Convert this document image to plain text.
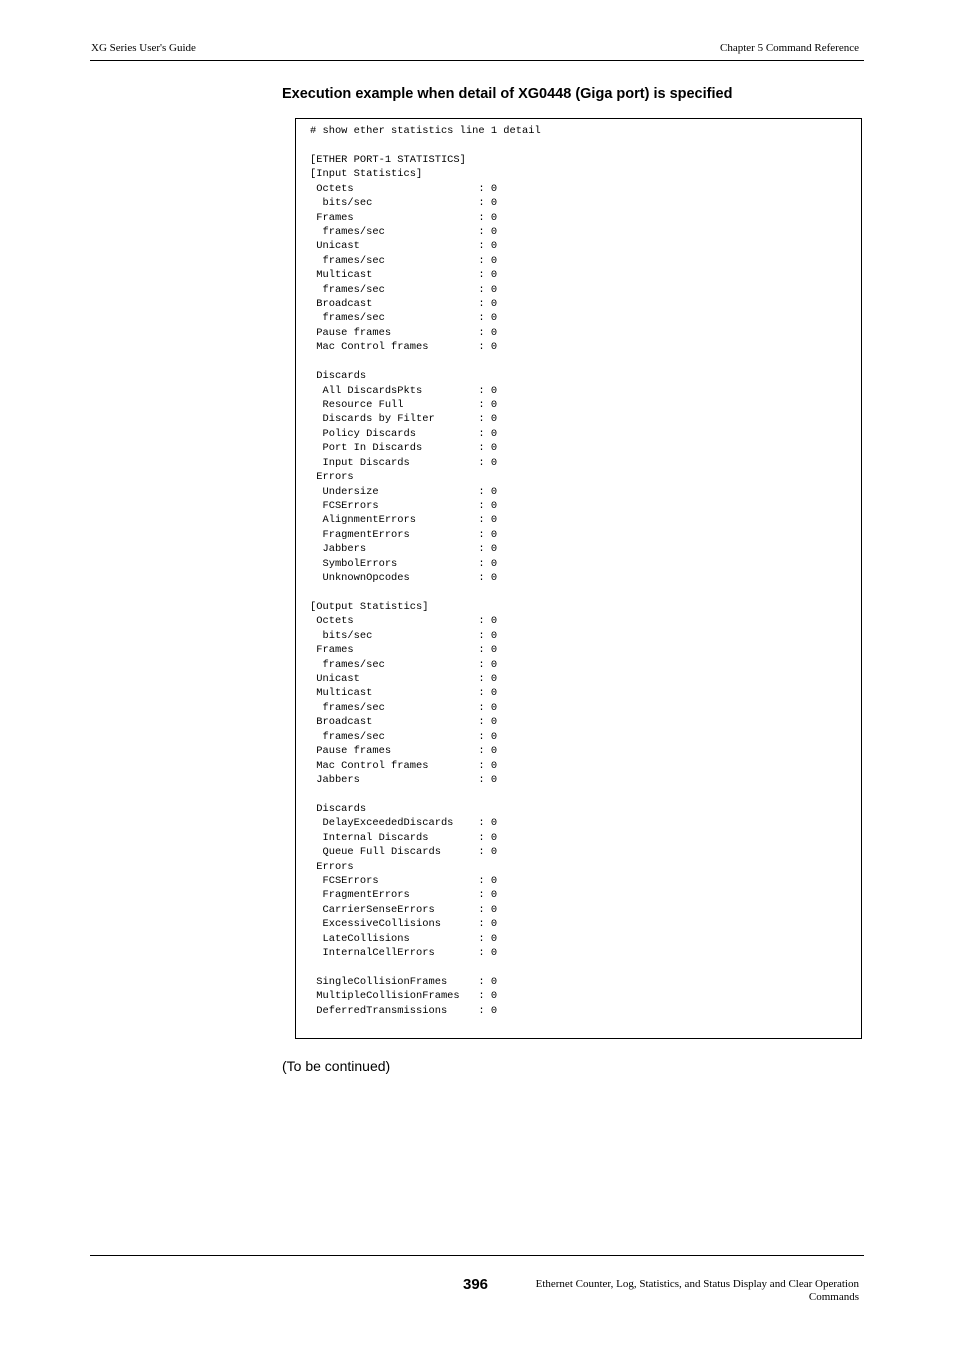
XG Series User's Guide	Chapter 5 Command Reference
Execution example when detail of XG0448 (Giga port) is specified
# show ether statistics line 1 detail

[ETHER PORT-1 STATISTICS]
[Input Statistics]
Octets                    : 0
bits/sec                 : 0
Frames                    : 0
frames/sec               : 0
Unicast                   : 0
frames/sec               : 0
Multicast                 : 0
frames/sec               : 0
Broadcast                 : 0
frames/sec               : 0
Pause frames              : 0
Mac Control frames        : 0

Discards
All DiscardsPkts         : 0
Resource Full            : 0
Discards by Filter       : 0
Policy Discards          : 0
Port In Discards         : 0
Input Discards           : 0
Errors
Undersize                : 0
FCSErrors                : 0
AlignmentErrors          : 0
FragmentErrors           : 0
Jabbers                  : 0
SymbolErrors             : 0
UnknownOpcodes           : 0

[Output Statistics]
Octets                    : 0
bits/sec                 : 0
Frames                    : 0
frames/sec               : 0
Unicast                   : 0
Multicast                 : 0
frames/sec               : 0
Broadcast                 : 0
frames/sec               : 0
Pause frames              : 0
Mac Control frames        : 0
Jabbers                   : 0

Discards
DelayExceededDiscards    : 0
Internal Discards        : 0
Queue Full Discards      : 0
Errors
FCSErrors                : 0
FragmentErrors           : 0
CarrierSenseErrors       : 0
ExcessiveCollisions      : 0
LateCollisions           : 0
InternalCellErrors       : 0

SingleCollisionFrames     : 0
MultipleCollisionFrames   : 0
DeferredTransmissions     : 0
(To be continued)
396	Ethernet Counter, Log, Statistics, and Status Display and Clear Operation
Commands
